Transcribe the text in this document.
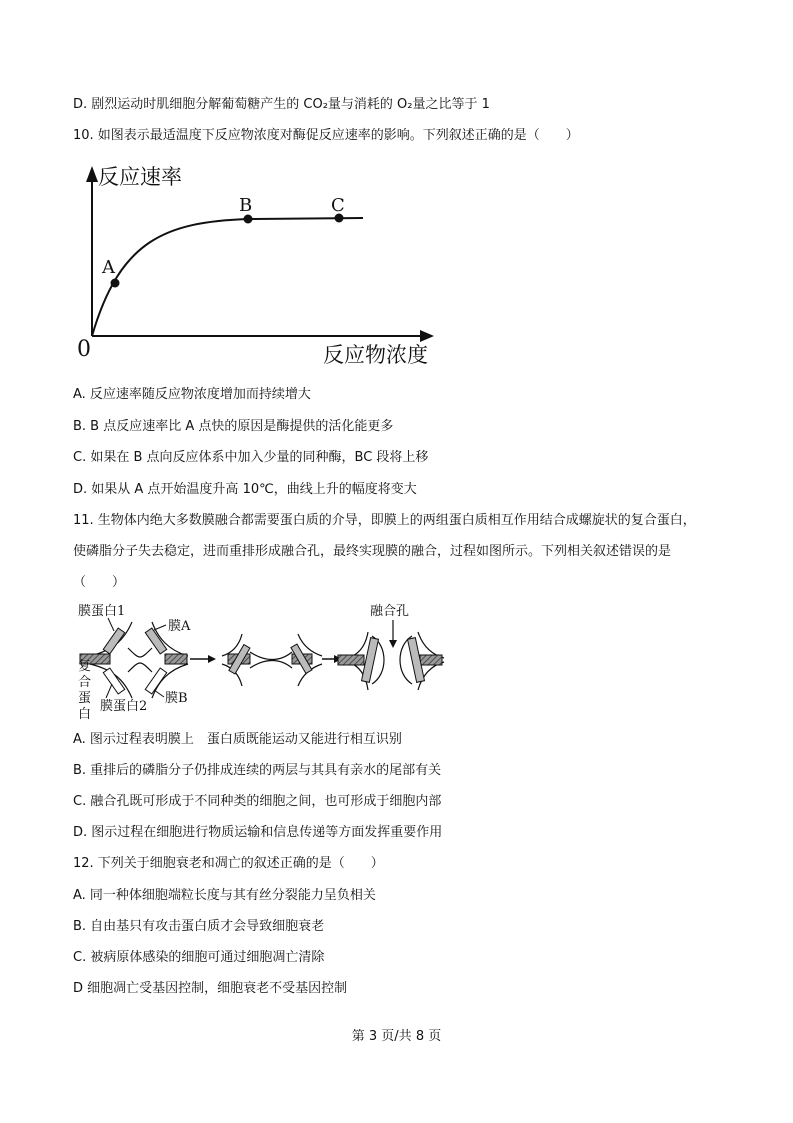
D. 剧烈运动时肌细胞分解葡萄糖产生的 CO₂量与消耗的 O₂量之比等于 1
10. 如图表示最适温度下反应物浓度对酶促反应速率的影响。下列叙述正确的是（　　）
反应速率
反应物浓度
0
A
B	C
A. 反应速率随反应物浓度增加而持续增大
B. B 点反应速率比 A 点快的原因是酶提供的活化能更多
C. 如果在 B 点向反应体系中加入少量的同种酶，BC 段将上移
D. 如果从 A 点开始温度升高 10℃，曲线上升的幅度将变大
11. 生物体内绝大多数膜融合都需要蛋白质的介导，即膜上的两组蛋白质相互作用结合成螺旋状的复合蛋白，
使磷脂分子失去稳定，进而重排形成融合孔，最终实现膜的融合，过程如图所示。下列相关叙述错误的是
（　　）
膜蛋白1
膜A
融合孔
复
合
蛋
白
膜蛋白2
膜B
A. 图示过程表明膜上　蛋白质既能运动又能进行相互识别
B. 重排后的磷脂分子仍排成连续的两层与其具有亲水的尾部有关
C. 融合孔既可形成于不同种类的细胞之间，也可形成于细胞内部
D. 图示过程在细胞进行物质运输和信息传递等方面发挥重要作用
12. 下列关于细胞衰老和凋亡的叙述正确的是（　　）
A. 同一种体细胞端粒长度与其有丝分裂能力呈负相关
B. 自由基只有攻击蛋白质才会导致细胞衰老
C. 被病原体感染的细胞可通过细胞凋亡清除
D 细胞凋亡受基因控制，细胞衰老不受基因控制
第 3 页/共 8 页
